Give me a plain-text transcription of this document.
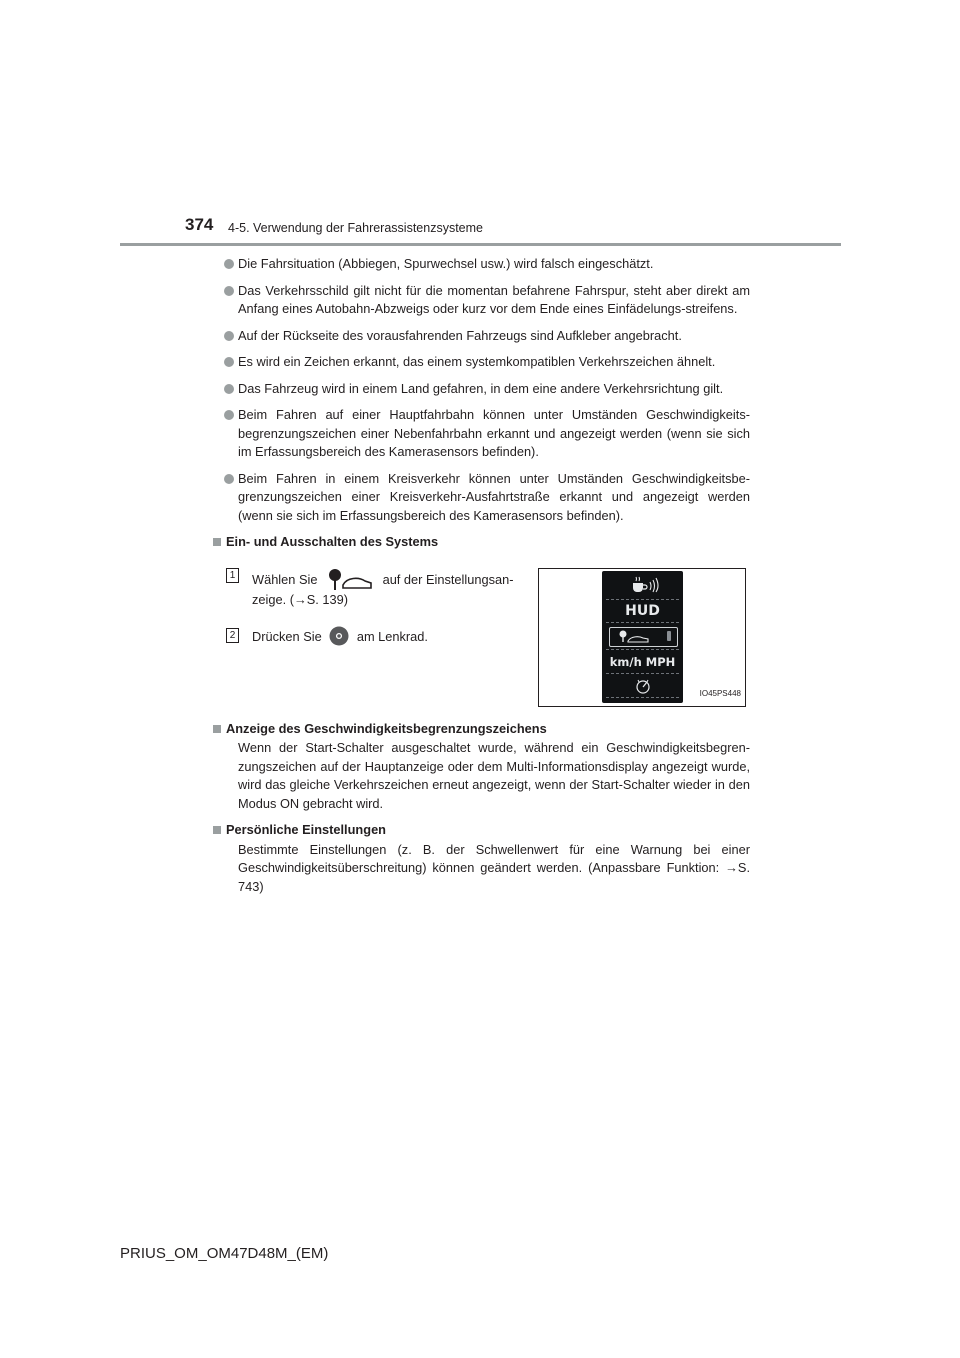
374 4-5. Verwendung der Fahrerassistenzsysteme
Die Fahrsituation (Abbiegen, Spurwechsel usw.) wird falsch eingeschätzt.
Das Verkehrsschild gilt nicht für die momentan befahrene Fahrspur, steht aber direkt am Anfang eines Autobahn-Abzweigs oder kurz vor dem Ende eines Einfädelungs-streifens.
Auf der Rückseite des vorausfahrenden Fahrzeugs sind Aufkleber angebracht.
Es wird ein Zeichen erkannt, das einem systemkompatiblen Verkehrszeichen ähnelt.
Das Fahrzeug wird in einem Land gefahren, in dem eine andere Verkehrsrichtung gilt.
Beim Fahren auf einer Hauptfahrbahn können unter Umständen Geschwindigkeits-begrenzungszeichen einer Nebenfahrbahn erkannt und angezeigt werden (wenn sie sich im Erfassungsbereich des Kamerasensors befinden).
Beim Fahren in einem Kreisverkehr können unter Umständen Geschwindigkeitsbe-grenzungszeichen einer Kreisverkehr-Ausfahrtstraße erkannt und angezeigt werden (wenn sie sich im Erfassungsbereich des Kamerasensors befinden).
Ein- und Ausschalten des Systems
1 Wählen Sie	auf der Einstellungsan-
zeige. (→S. 139)
2 Drücken Sie	am Lenkrad.
HUD
km/h MPH
IO45PS448
Anzeige des Geschwindigkeitsbegrenzungszeichens
Wenn der Start-Schalter ausgeschaltet wurde, während ein Geschwindigkeitsbegren-zungszeichen auf der Hauptanzeige oder dem Multi-Informationsdisplay angezeigt wurde, wird das gleiche Verkehrszeichen erneut angezeigt, wenn der Start-Schalter wieder in den Modus ON gebracht wird.
Persönliche Einstellungen
Bestimmte Einstellungen (z. B. der Schwellenwert für eine Warnung bei einer Geschwindigkeitsüberschreitung) können geändert werden. (Anpassbare Funktion: →S. 743)
PRIUS_OM_OM47D48M_(EM)
